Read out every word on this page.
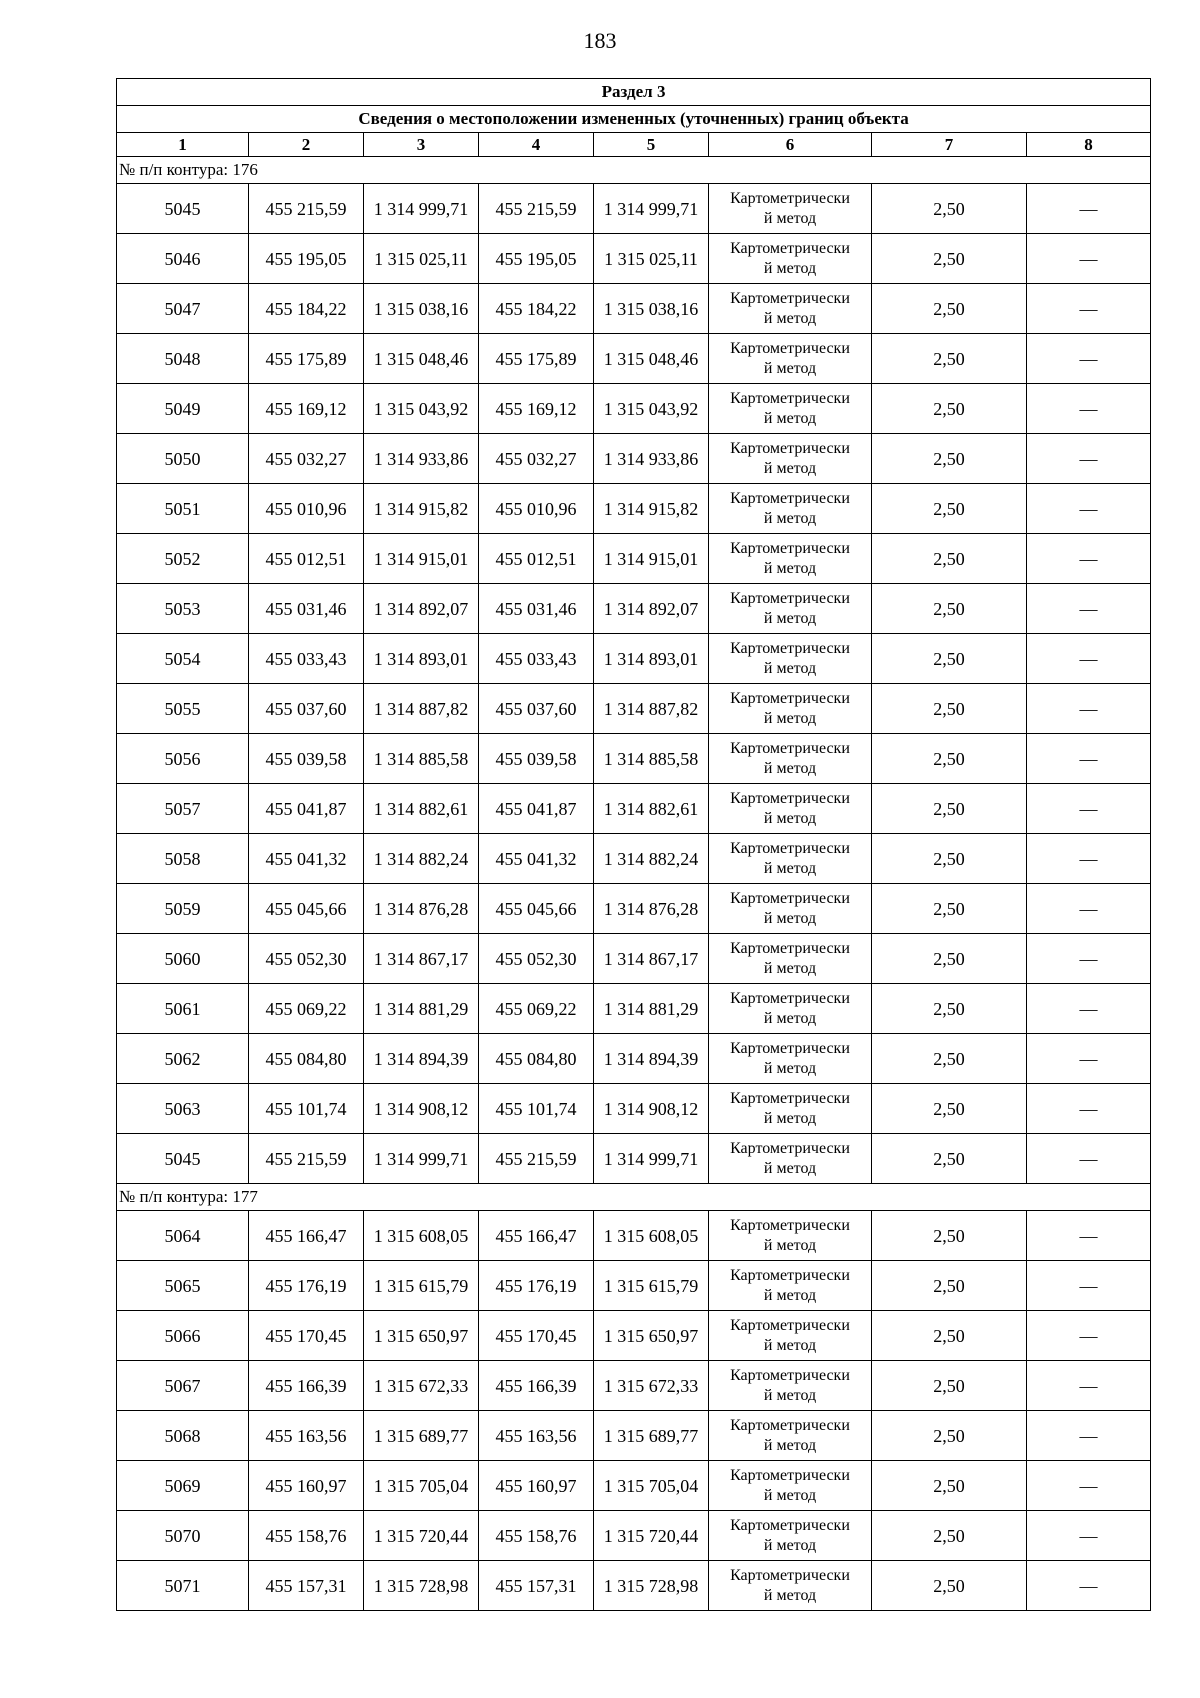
183
Раздел 3							
Сведения о местоположении измененных (уточненных) границ объекта							
1	2	3	4	5	6	7	8
№ п/п контура: 176							
5045	455 215,59	1 314 999,71	455 215,59	1 314 999,71	Картометрически
й метод	2,50	—
5046	455 195,05	1 315 025,11	455 195,05	1 315 025,11	Картометрически
й метод	2,50	—
5047	455 184,22	1 315 038,16	455 184,22	1 315 038,16	Картометрически
й метод	2,50	—
5048	455 175,89	1 315 048,46	455 175,89	1 315 048,46	Картометрически
й метод	2,50	—
5049	455 169,12	1 315 043,92	455 169,12	1 315 043,92	Картометрически
й метод	2,50	—
5050	455 032,27	1 314 933,86	455 032,27	1 314 933,86	Картометрически
й метод	2,50	—
5051	455 010,96	1 314 915,82	455 010,96	1 314 915,82	Картометрически
й метод	2,50	—
5052	455 012,51	1 314 915,01	455 012,51	1 314 915,01	Картометрически
й метод	2,50	—
5053	455 031,46	1 314 892,07	455 031,46	1 314 892,07	Картометрически
й метод	2,50	—
5054	455 033,43	1 314 893,01	455 033,43	1 314 893,01	Картометрически
й метод	2,50	—
5055	455 037,60	1 314 887,82	455 037,60	1 314 887,82	Картометрически
й метод	2,50	—
5056	455 039,58	1 314 885,58	455 039,58	1 314 885,58	Картометрически
й метод	2,50	—
5057	455 041,87	1 314 882,61	455 041,87	1 314 882,61	Картометрически
й метод	2,50	—
5058	455 041,32	1 314 882,24	455 041,32	1 314 882,24	Картометрически
й метод	2,50	—
5059	455 045,66	1 314 876,28	455 045,66	1 314 876,28	Картометрически
й метод	2,50	—
5060	455 052,30	1 314 867,17	455 052,30	1 314 867,17	Картометрически
й метод	2,50	—
5061	455 069,22	1 314 881,29	455 069,22	1 314 881,29	Картометрически
й метод	2,50	—
5062	455 084,80	1 314 894,39	455 084,80	1 314 894,39	Картометрически
й метод	2,50	—
5063	455 101,74	1 314 908,12	455 101,74	1 314 908,12	Картометрически
й метод	2,50	—
5045	455 215,59	1 314 999,71	455 215,59	1 314 999,71	Картометрически
й метод	2,50	—
№ п/п контура: 177							
5064	455 166,47	1 315 608,05	455 166,47	1 315 608,05	Картометрически
й метод	2,50	—
5065	455 176,19	1 315 615,79	455 176,19	1 315 615,79	Картометрически
й метод	2,50	—
5066	455 170,45	1 315 650,97	455 170,45	1 315 650,97	Картометрически
й метод	2,50	—
5067	455 166,39	1 315 672,33	455 166,39	1 315 672,33	Картометрически
й метод	2,50	—
5068	455 163,56	1 315 689,77	455 163,56	1 315 689,77	Картометрически
й метод	2,50	—
5069	455 160,97	1 315 705,04	455 160,97	1 315 705,04	Картометрически
й метод	2,50	—
5070	455 158,76	1 315 720,44	455 158,76	1 315 720,44	Картометрически
й метод	2,50	—
5071	455 157,31	1 315 728,98	455 157,31	1 315 728,98	Картометрически
й метод	2,50	—
